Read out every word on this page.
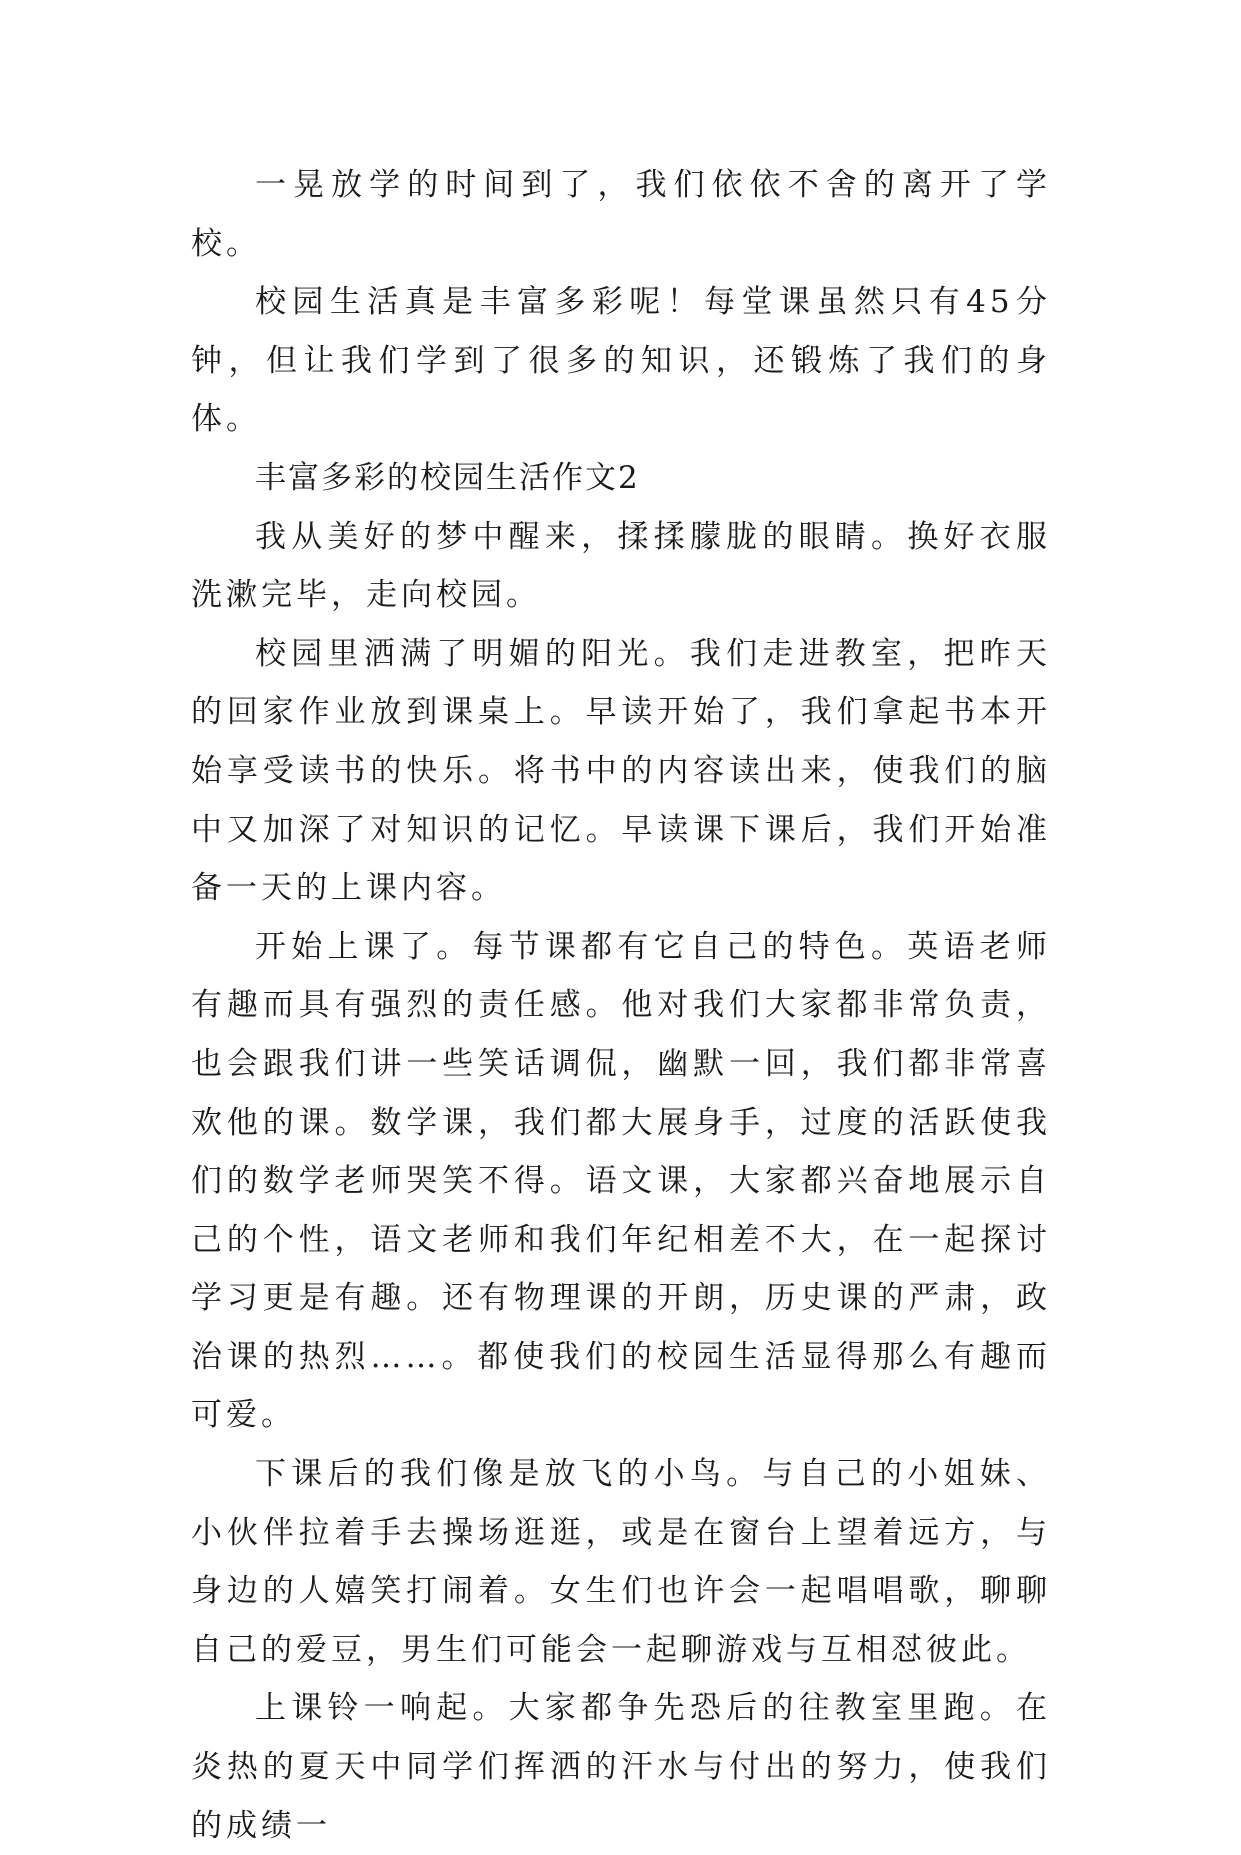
一晃放学的时间到了，我们依依不舍的离开了学校。

校园生活真是丰富多彩呢！每堂课虽然只有45分钟，但让我们学到了很多的知识，还锻炼了我们的身体。

丰富多彩的校园生活作文2

我从美好的梦中醒来，揉揉朦胧的眼睛。换好衣服洗漱完毕，走向校园。

校园里洒满了明媚的阳光。我们走进教室，把昨天的回家作业放到课桌上。早读开始了，我们拿起书本开始享受读书的快乐。将书中的内容读出来，使我们的脑中又加深了对知识的记忆。早读课下课后，我们开始准备一天的上课内容。

开始上课了。每节课都有它自己的特色。英语老师有趣而具有强烈的责任感。他对我们大家都非常负责，也会跟我们讲一些笑话调侃，幽默一回，我们都非常喜欢他的课。数学课，我们都大展身手，过度的活跃使我们的数学老师哭笑不得。语文课，大家都兴奋地展示自己的个性，语文老师和我们年纪相差不大，在一起探讨学习更是有趣。还有物理课的开朗，历史课的严肃，政治课的热烈……。都使我们的校园生活显得那么有趣而可爱。

下课后的我们像是放飞的小鸟。与自己的小姐妹、小伙伴拉着手去操场逛逛，或是在窗台上望着远方，与身边的人嬉笑打闹着。女生们也许会一起唱唱歌，聊聊自己的爱豆，男生们可能会一起聊游戏与互相怼彼此。

上课铃一响起。大家都争先恐后的往教室里跑。在炎热的夏天中同学们挥洒的汗水与付出的努力，使我们的成绩一
